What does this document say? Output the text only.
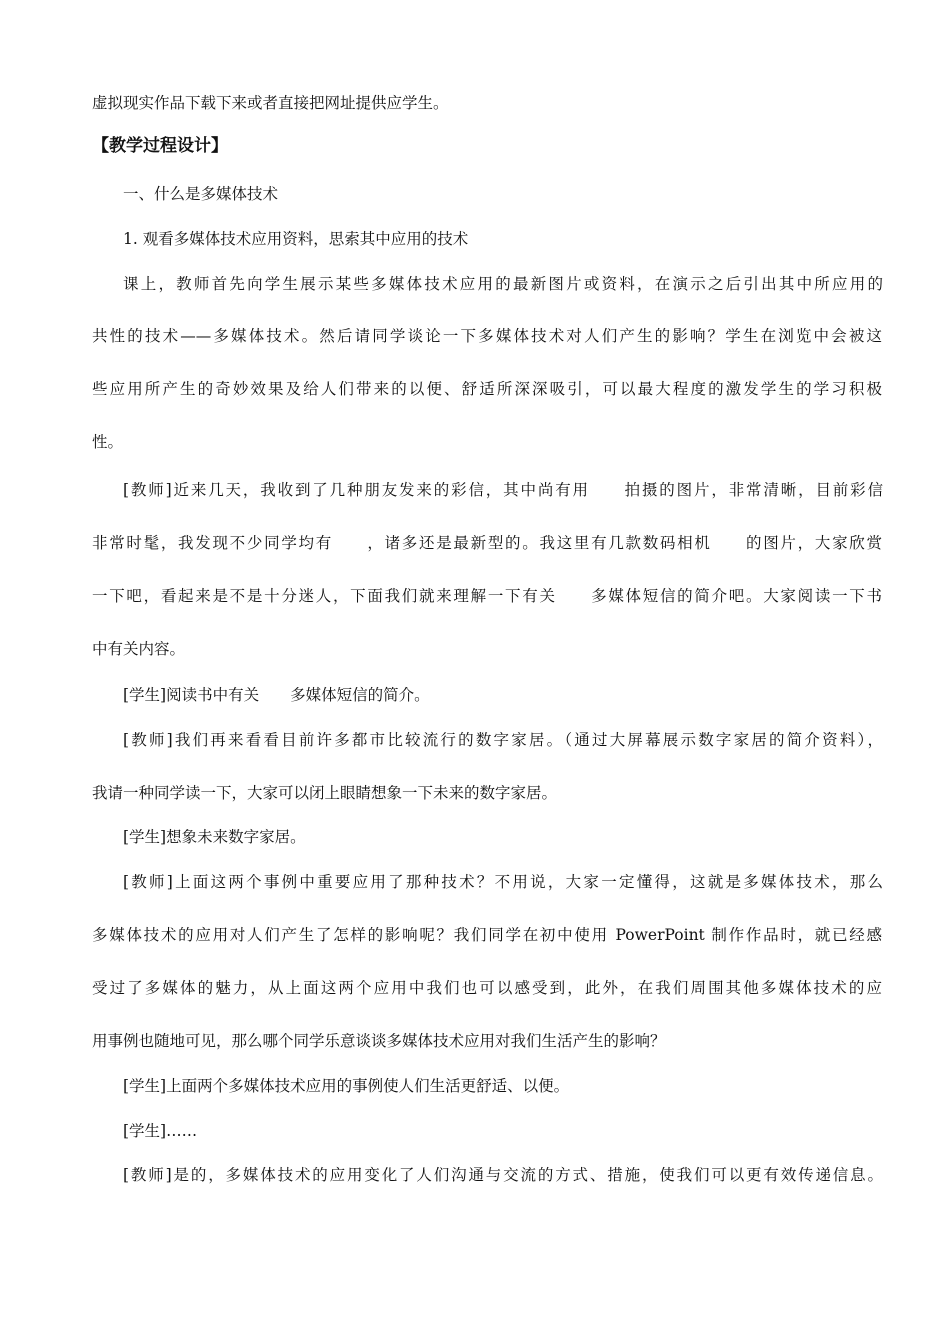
虚拟现实作品下载下来或者直接把网址提供应学生。
【教学过程设计】
一、什么是多媒体技术
1. 观看多媒体技术应用资料，思索其中应用的技术
课上，教师首先向学生展示某些多媒体技术应用的最新图片或资料，在演示之后引出其中所应用的
共性的技术——多媒体技术。然后请同学谈论一下多媒体技术对人们产生的影响？学生在浏览中会被这
些应用所产生的奇妙效果及给人们带来的以便、舒适所深深吸引，可以最大程度的激发学生的学习积极
性。
[教师]近来几天，我收到了几种朋友发来的彩信，其中尚有用　　拍摄的图片，非常清晰，目前彩信
非常时髦，我发现不少同学均有　　，诸多还是最新型的。我这里有几款数码相机　　的图片，大家欣赏
一下吧，看起来是不是十分迷人，下面我们就来理解一下有关　　多媒体短信的简介吧。大家阅读一下书
中有关内容。
[学生]阅读书中有关　　多媒体短信的简介。
[教师]我们再来看看目前许多都市比较流行的数字家居。（通过大屏幕展示数字家居的简介资料），
我请一种同学读一下，大家可以闭上眼睛想象一下未来的数字家居。
[学生]想象未来数字家居。
[教师]上面这两个事例中重要应用了那种技术？不用说，大家一定懂得，这就是多媒体技术，那么
多媒体技术的应用对人们产生了怎样的影响呢？我们同学在初中使用 PowerPoint 制作作品时，就已经感
受过了多媒体的魅力，从上面这两个应用中我们也可以感受到，此外，在我们周围其他多媒体技术的应
用事例也随地可见，那么哪个同学乐意谈谈多媒体技术应用对我们生活产生的影响？
[学生]上面两个多媒体技术应用的事例使人们生活更舒适、以便。
[学生]……
[教师]是的，多媒体技术的应用变化了人们沟通与交流的方式、措施，使我们可以更有效传递信息。
